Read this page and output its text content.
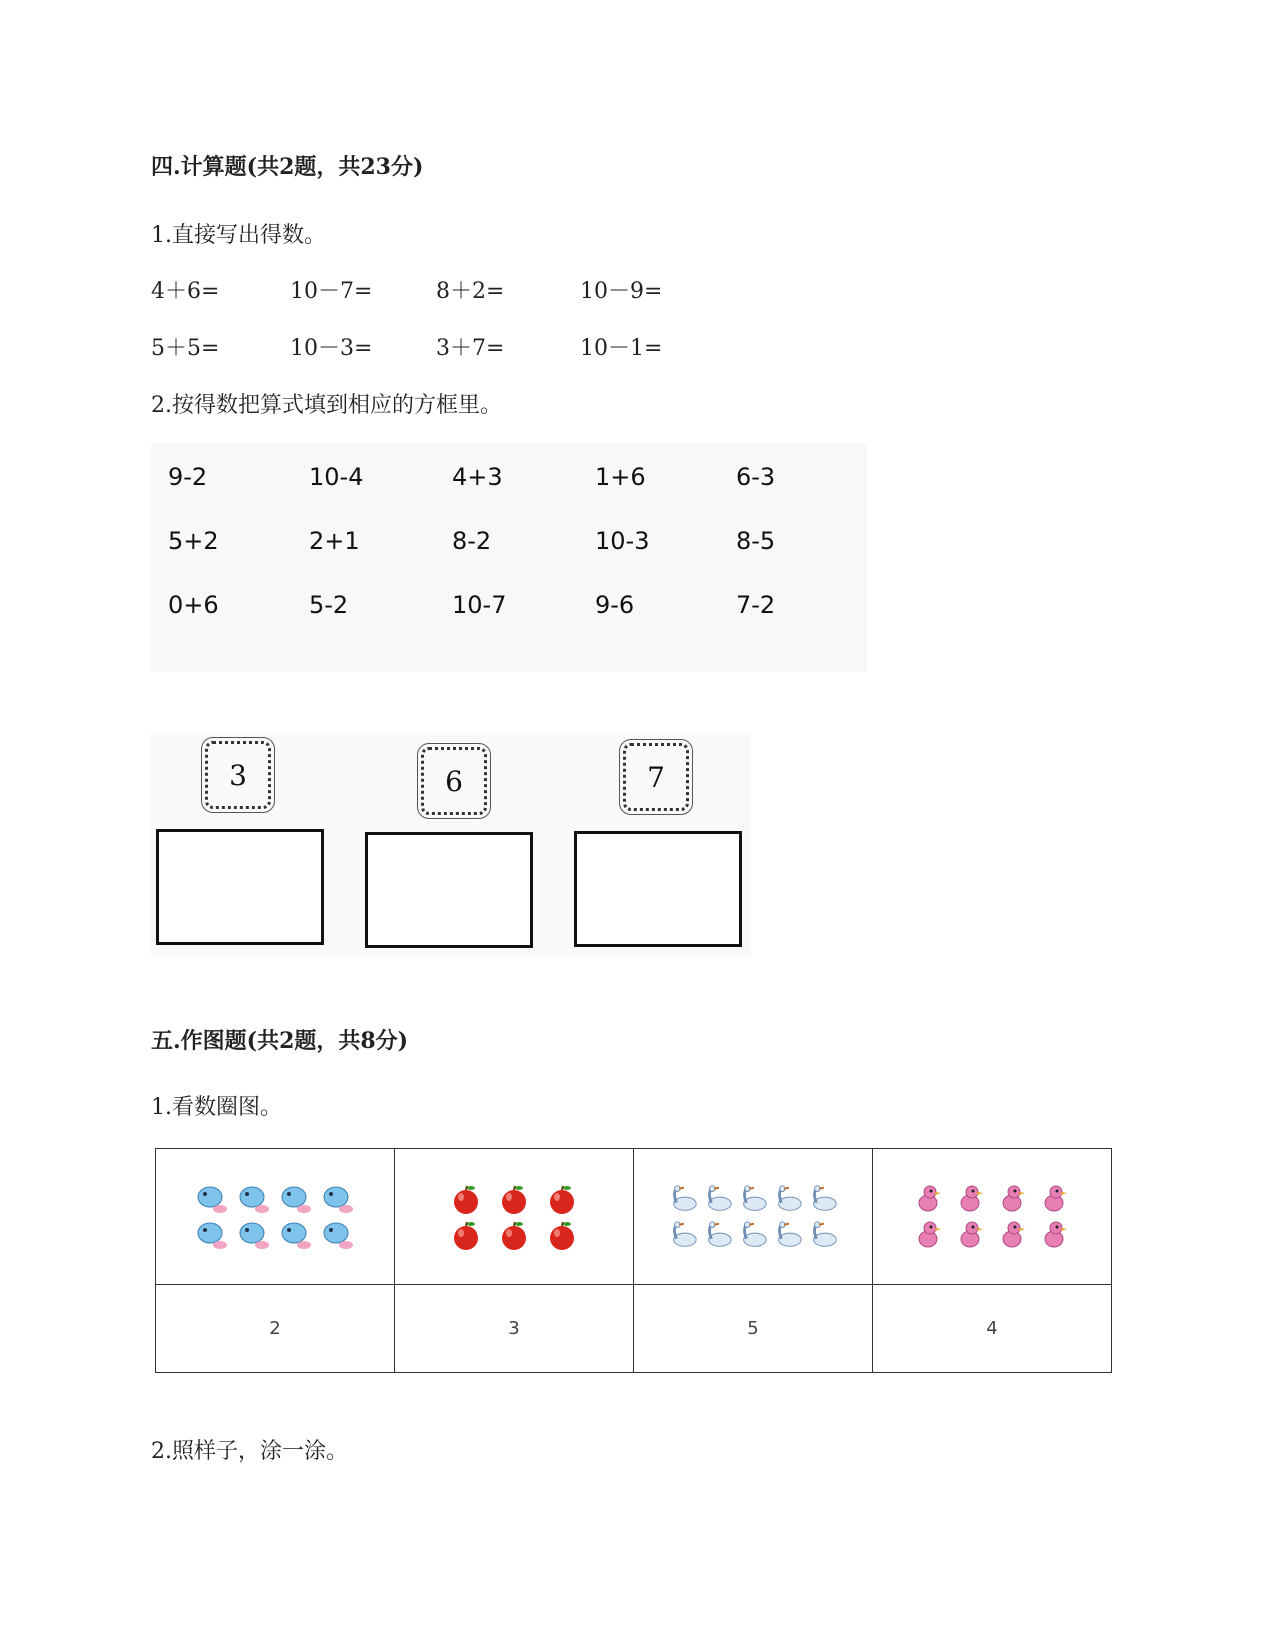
四.计算题(共2题，共23分)
1.直接写出得数。
4＋6=	10－7=	8＋2=	10－9=
5＋5=	10－3=	3＋7=	10－1=
2.按得数把算式填到相应的方框里。
9-2	10-4	4+3	1+6	6-3
5+2	2+1	8-2	10-3	8-5
0+6	5-2	10-7	9-6	7-2
3	6	7
五.作图题(共2题，共8分)
1.看数圈图。

2	3	5	4
2.照样子，涂一涂。
